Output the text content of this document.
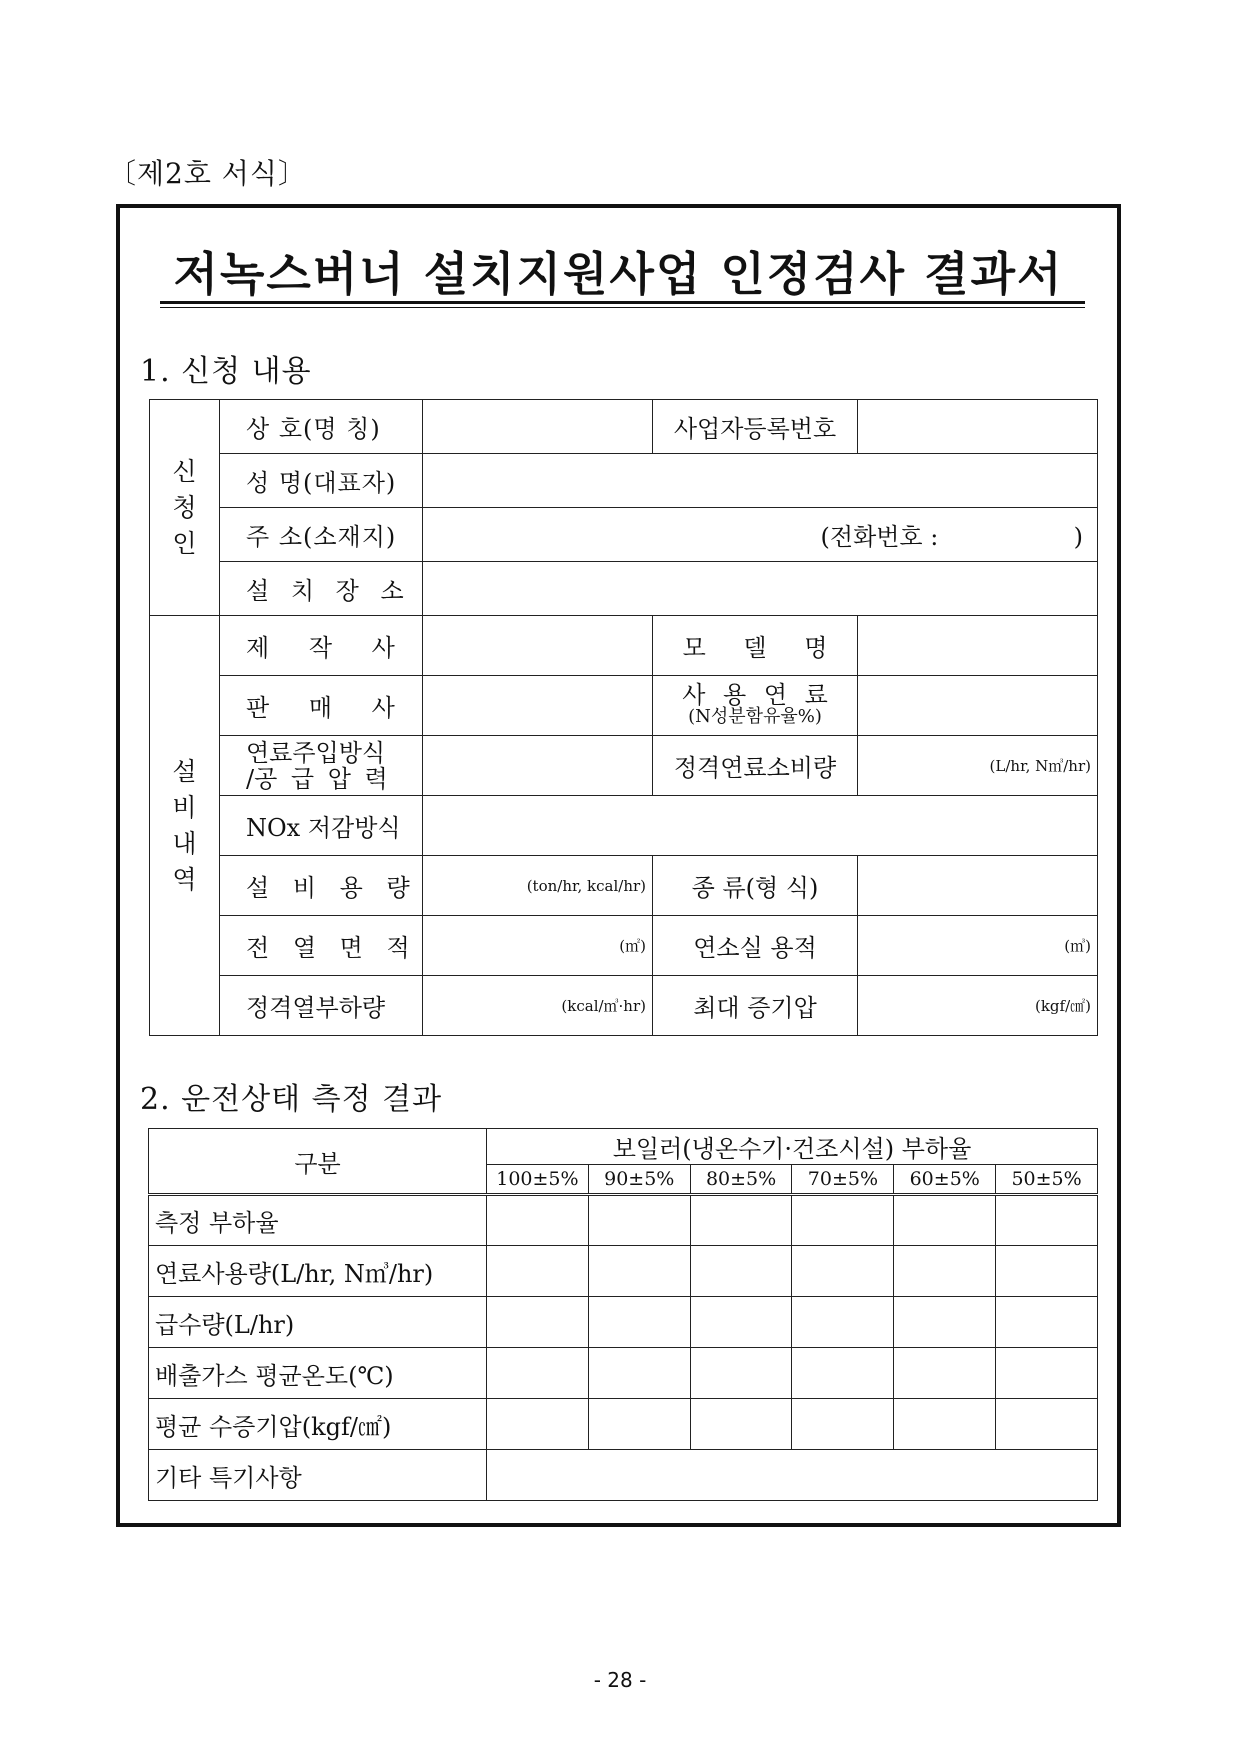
〔제2호 서식〕
저녹스버너 설치지원사업 인정검사 결과서
1. 신청 내용
신
청
인	상 호(명 칭)		사업자등록번호	
	성 명(대표자)			
	주 소(소재지)	(전화번호 : )		
	설 치 장 소			
설
비
내
역	제 작 사		모 델 명	
	판 매 사		사 용 연 료
(N성분함유율%)	

	연료주입방식
/공 급 압 력		정격연료소비량	(L/hr, N㎥/hr)
	NOx 저감방식			
	설 비 용 량	(ton/hr, kcal/hr)	종 류(형 식)	
	전 열 면 적	(㎡)	연소실 용적	(㎥)
	정격열부하량	(kcal/㎥·hr)	최대 증기압	(kgf/㎠)
2. 운전상태 측정 결과
구분	보일러(냉온수기·건조시설) 부하율					
	100±5%	90±5%	80±5%	70±5%	60±5%	50±5%
측정 부하율						
연료사용량(L/hr, N㎥/hr)						
급수량(L/hr)						
배출가스 평균온도(℃)						
평균 수증기압(kgf/㎠)						
기타 특기사항						
- 28 -
